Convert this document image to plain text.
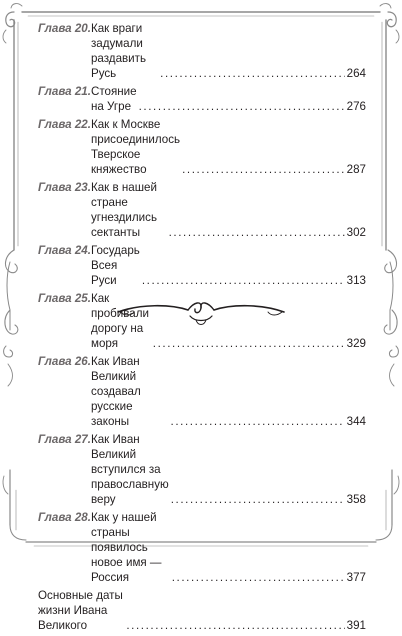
Глава 20. Как враги задумали раздавить Русь .....	264
Глава 21. Стояние на Угре .....	276
Глава 22. Как к Москве присоединилось
Тверское княжество .....	287
Глава 23. Как в нашей стране угнездились сектанты .....	302
Глава 24. Государь Всея Руси .....	313
Глава 25. Как пробивали дорогу на моря .....	329
Глава 26. Как Иван Великий создавал русские законы .....	344
Глава 27. Как Иван Великий вступился за
православную веру .....	358
Глава 28. Как у нашей страны появилось новое имя —
Россия .....	377
Основные даты жизни Ивана Великого .....	391
